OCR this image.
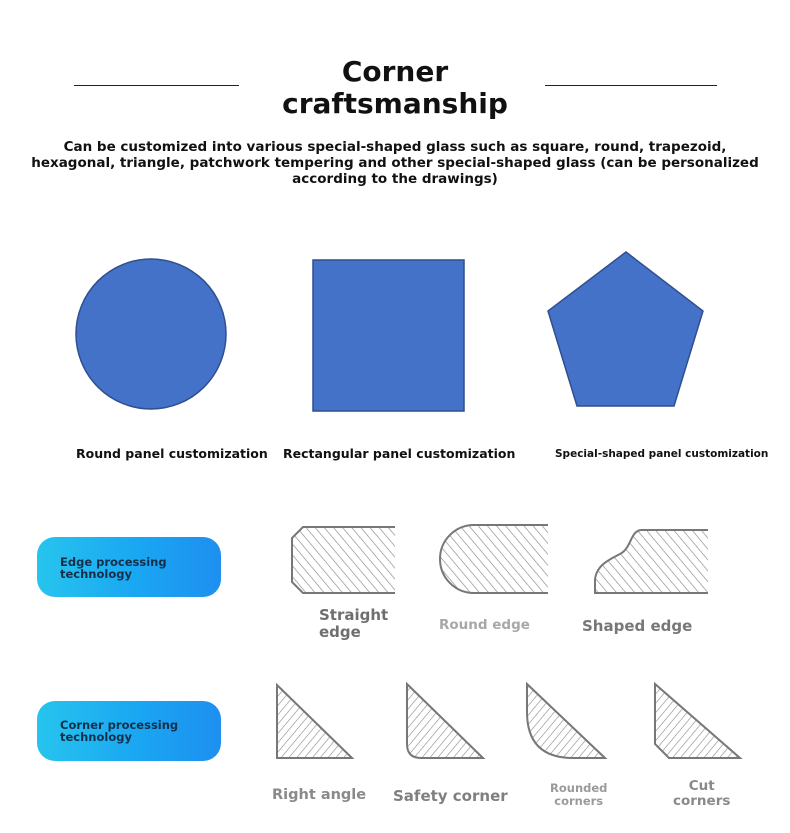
Corner
craftsmanship
Can be customized into various special-shaped glass such as square, round, trapezoid, hexagonal, triangle, patchwork tempering and other special-shaped glass (can be personalized according to the drawings)
Round panel customization Rectangular panel customization	Special-shaped panel customization
Edge processing
technology
Straight
edge	Round edge	Shaped edge
Corner processing
technology
Right angle Safety corner	Rounded
corners
Cut
corners
